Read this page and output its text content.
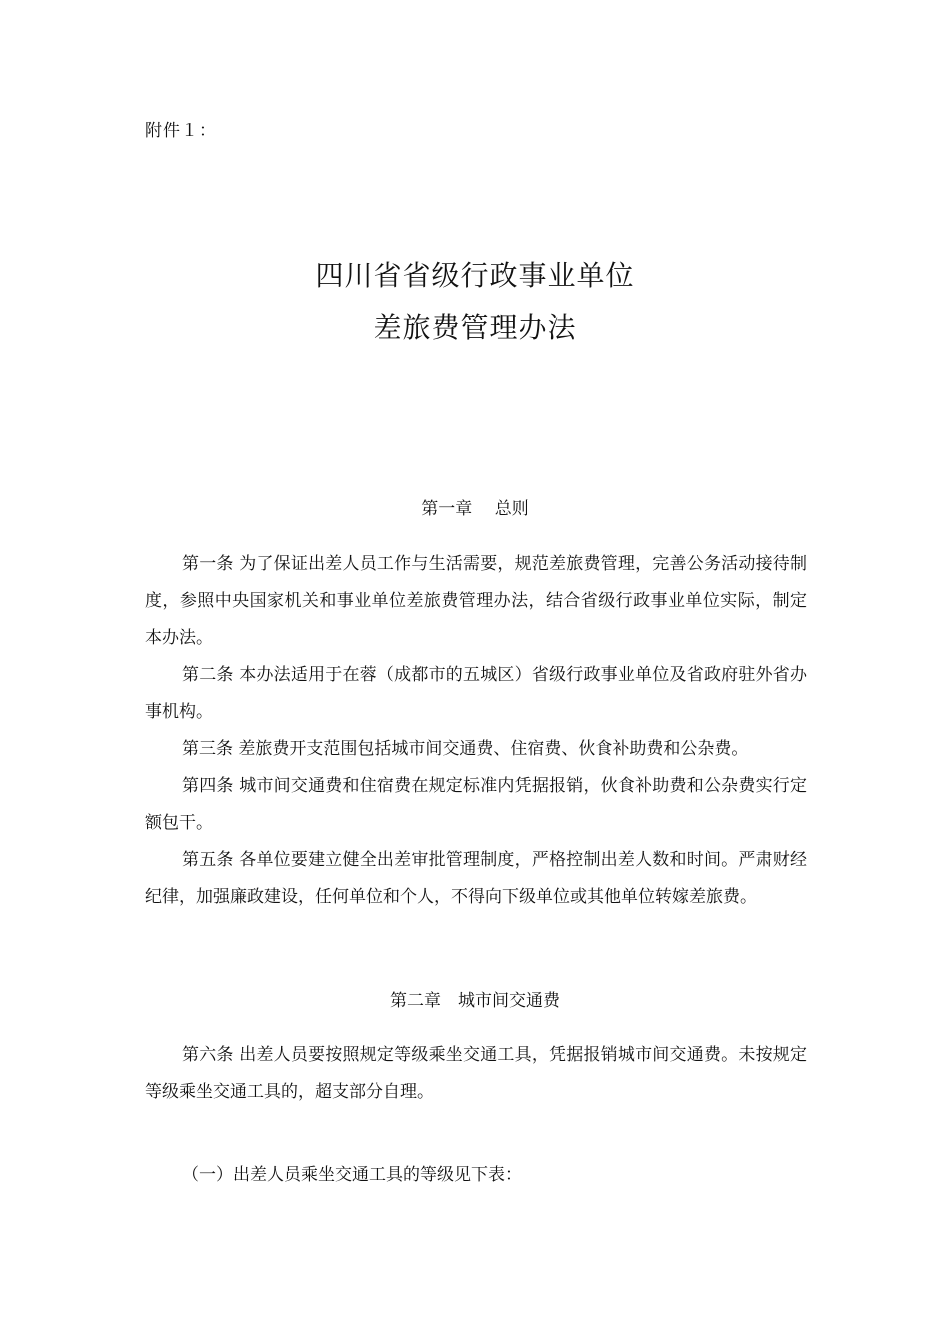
附件１：
四川省省级行政事业单位
差旅费管理办法
第一章　 总则

第一条 为了保证出差人员工作与生活需要，规范差旅费管理，完善公务活动接待制度，参照中央国家机关和事业单位差旅费管理办法，结合省级行政事业单位实际，制定本办法。

第二条 本办法适用于在蓉（成都市的五城区）省级行政事业单位及省政府驻外省办事机构。

第三条 差旅费开支范围包括城市间交通费、住宿费、伙食补助费和公杂费。

第四条 城市间交通费和住宿费在规定标准内凭据报销，伙食补助费和公杂费实行定额包干。

第五条 各单位要建立健全出差审批管理制度，严格控制出差人数和时间。严肃财经纪律，加强廉政建设，任何单位和个人，不得向下级单位或其他单位转嫁差旅费。

第二章　城市间交通费

第六条 出差人员要按照规定等级乘坐交通工具，凭据报销城市间交通费。未按规定等级乘坐交通工具的，超支部分自理。

（一）出差人员乘坐交通工具的等级见下表：
